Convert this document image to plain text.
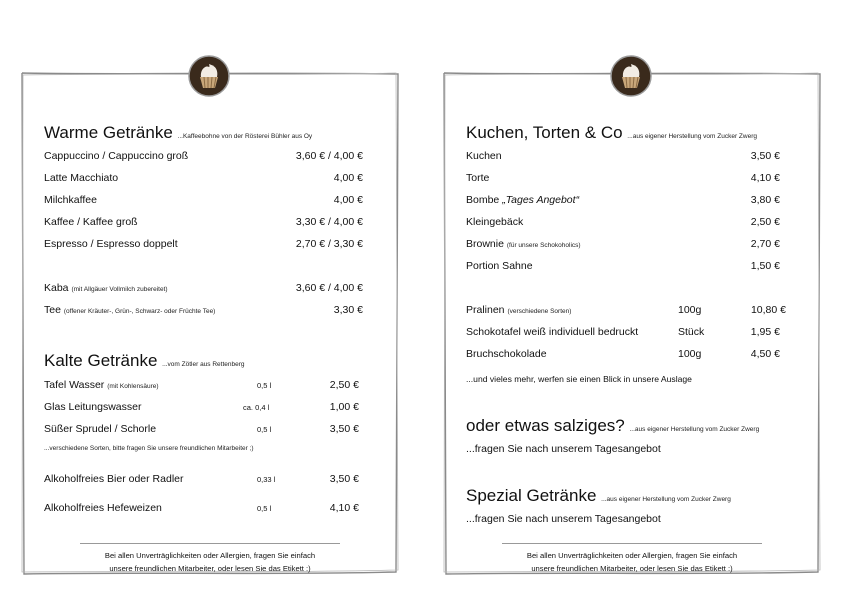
Warme Getränke ...Kaffeebohne von der Rösterei Bühler aus Oy
Cappuccino / Cappuccino groß	3,60 € / 4,00 €
Latte Macchiato	4,00 €
Milchkaffee	4,00 €
Kaffee / Kaffee groß	3,30 € / 4,00 €
Espresso / Espresso doppelt	2,70 € / 3,30 €
Kaba (mit Allgäuer Vollmilch zubereitet)	3,60 € / 4,00 €
Tee (offener Kräuter-, Grün-, Schwarz- oder Früchte Tee)	3,30 €
Kalte Getränke ...vom Zötler aus Rettenberg
Tafel Wasser (mit Kohlensäure)	0,5 l	2,50 €
Glas Leitungswasser	ca. 0,4 l	1,00 €
Süßer Sprudel / Schorle	0,5 l	3,50 €
...verschiedene Sorten, bitte fragen Sie unsere freundlichen Mitarbeiter ;)
Alkoholfreies Bier oder Radler	0,33 l	3,50 €
Alkoholfreies Hefeweizen	0,5 l	4,10 €
Bei allen Unverträglichkeiten oder Allergien, fragen Sie einfach
unsere freundlichen Mitarbeiter, oder lesen Sie das Etikett :)
Kuchen, Torten & Co ...aus eigener Herstellung vom Zucker Zwerg
Kuchen	3,50 €
Torte	4,10 €
Bombe „Tages Angebot“	3,80 €
Kleingebäck	2,50 €
Brownie (für unsere Schokoholics)	2,70 €
Portion Sahne	1,50 €
Pralinen (verschiedene Sorten)	100g	10,80 €
Schokotafel weiß individuell bedruckt	Stück	1,95 €
Bruchschokolade	100g	4,50 €
...und vieles mehr, werfen sie einen Blick in unsere Auslage
oder etwas salziges? ...aus eigener Herstellung vom Zucker Zwerg
...fragen Sie nach unserem Tagesangebot
Spezial Getränke ...aus eigener Herstellung vom Zucker Zwerg
...fragen Sie nach unserem Tagesangebot
Bei allen Unverträglichkeiten oder Allergien, fragen Sie einfach
unsere freundlichen Mitarbeiter, oder lesen Sie das Etikett :)
